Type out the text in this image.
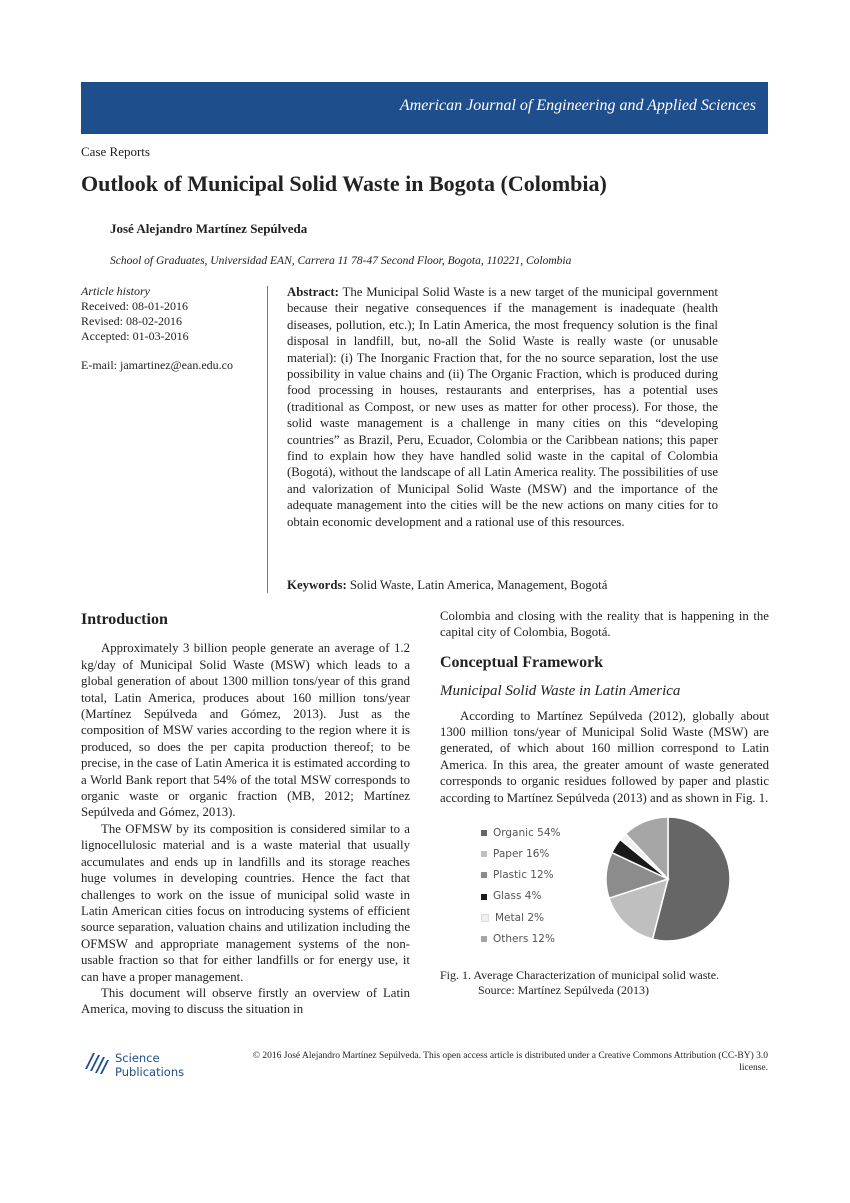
American Journal of Engineering and Applied Sciences
Case Reports
Outlook of Municipal Solid Waste in Bogota (Colombia)
José Alejandro Martínez Sepúlveda
School of Graduates, Universidad EAN, Carrera 11 78-47 Second Floor, Bogota, 110221, Colombia
Article history
Received: 08-01-2016
Revised: 08-02-2016
Accepted: 01-03-2016
E-mail: jamartinez@ean.edu.co

Abstract: The Municipal Solid Waste is a new target of the municipal government because their negative consequences if the management is inadequate (health diseases, pollution, etc.); In Latin America, the most frequency solution is the final disposal in landfill, but, no-all the Solid Waste is really waste (or unusable material): (i) The Inorganic Fraction that, for the no source separation, lost the use possibility in value chains and (ii) The Organic Fraction, which is produced during food processing in houses, restaurants and enterprises, has a potential uses (traditional as Compost, or new uses as matter for other process). For those, the solid waste management is a challenge in many cities on this “developing countries” as Brazil, Peru, Ecuador, Colombia or the Caribbean nations; this paper find to explain how they have handled solid waste in the capital of Colombia (Bogotá), without the landscape of all Latin America reality. The possibilities of use and valorization of Municipal Solid Waste (MSW) and the importance of the adequate management into the cities will be the new actions on many cities for to obtain economic development and a rational use of this resources.

Keywords: Solid Waste, Latin America, Management, Bogotá

Introduction

Approximately 3 billion people generate an average of 1.2 kg/day of Municipal Solid Waste (MSW) which leads to a global generation of about 1300 million tons/year of this grand total, Latin America, produces about 160 million tons/year (Martínez Sepúlveda and Gómez, 2013). Just as the composition of MSW varies according to the region where it is produced, so does the per capita production thereof; to be precise, in the case of Latin America it is estimated according to a World Bank report that 54% of the total MSW corresponds to organic waste or organic fraction (MB, 2012; Martínez Sepúlveda and Gómez, 2013).

The OFMSW by its composition is considered similar to a lignocellulosic material and is a waste material that usually accumulates and ends up in landfills and its storage reaches huge volumes in developing countries. Hence the fact that challenges to work on the issue of municipal solid waste in Latin American cities focus on introducing systems of efficient source separation, valuation chains and utilization including the OFMSW and appropriate management systems of the non-usable fraction so that for either landfills or for energy use, it can have a proper management.

This document will observe firstly an overview of Latin America, moving to discuss the situation in

Colombia and closing with the reality that is happening in the capital city of Colombia, Bogotá.

Conceptual Framework
Municipal Solid Waste in Latin America

According to Martínez Sepúlveda (2012), globally about 1300 million tons/year of Municipal Solid Waste (MSW) are generated, of which about 160 million correspond to Latin America. In this area, the greater amount of waste generated corresponds to organic residues followed by paper and plastic according to Martínez Sepúlveda (2013) and as shown in Fig. 1.

Organic 54%
Paper 16%
Plastic 12%
Glass 4%
Metal 2%
Others 12%
Fig. 1. Average Characterization of municipal solid waste.
Source: Martínez Sepúlveda (2013)
Science
Publications
© 2016 José Alejandro Martínez Sepúlveda. This open access article is distributed under a Creative Commons Attribution (CC-BY) 3.0 license.
